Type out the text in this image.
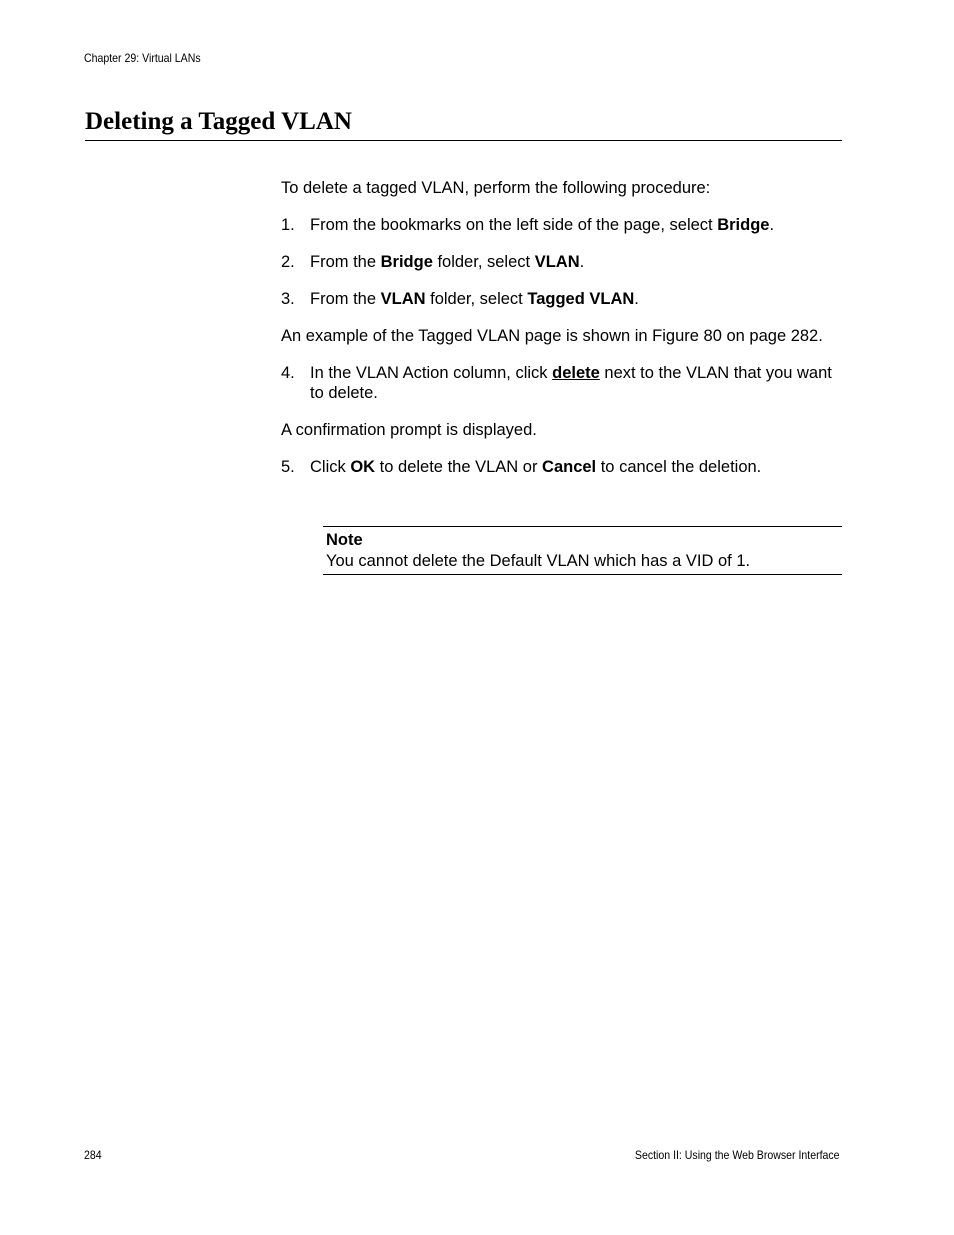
Chapter 29: Virtual LANs
Deleting a Tagged VLAN

To delete a tagged VLAN, perform the following procedure:

1. From the bookmarks on the left side of the page, select Bridge.
2. From the Bridge folder, select VLAN.
3. From the VLAN folder, select Tagged VLAN.

An example of the Tagged VLAN page is shown in Figure 80 on page 282.

4. In the VLAN Action column, click delete next to the VLAN that you want to delete.

A confirmation prompt is displayed.

5. Click OK to delete the VLAN or Cancel to cancel the deletion.
Note
You cannot delete the Default VLAN which has a VID of 1.
284	Section II: Using the Web Browser Interface
